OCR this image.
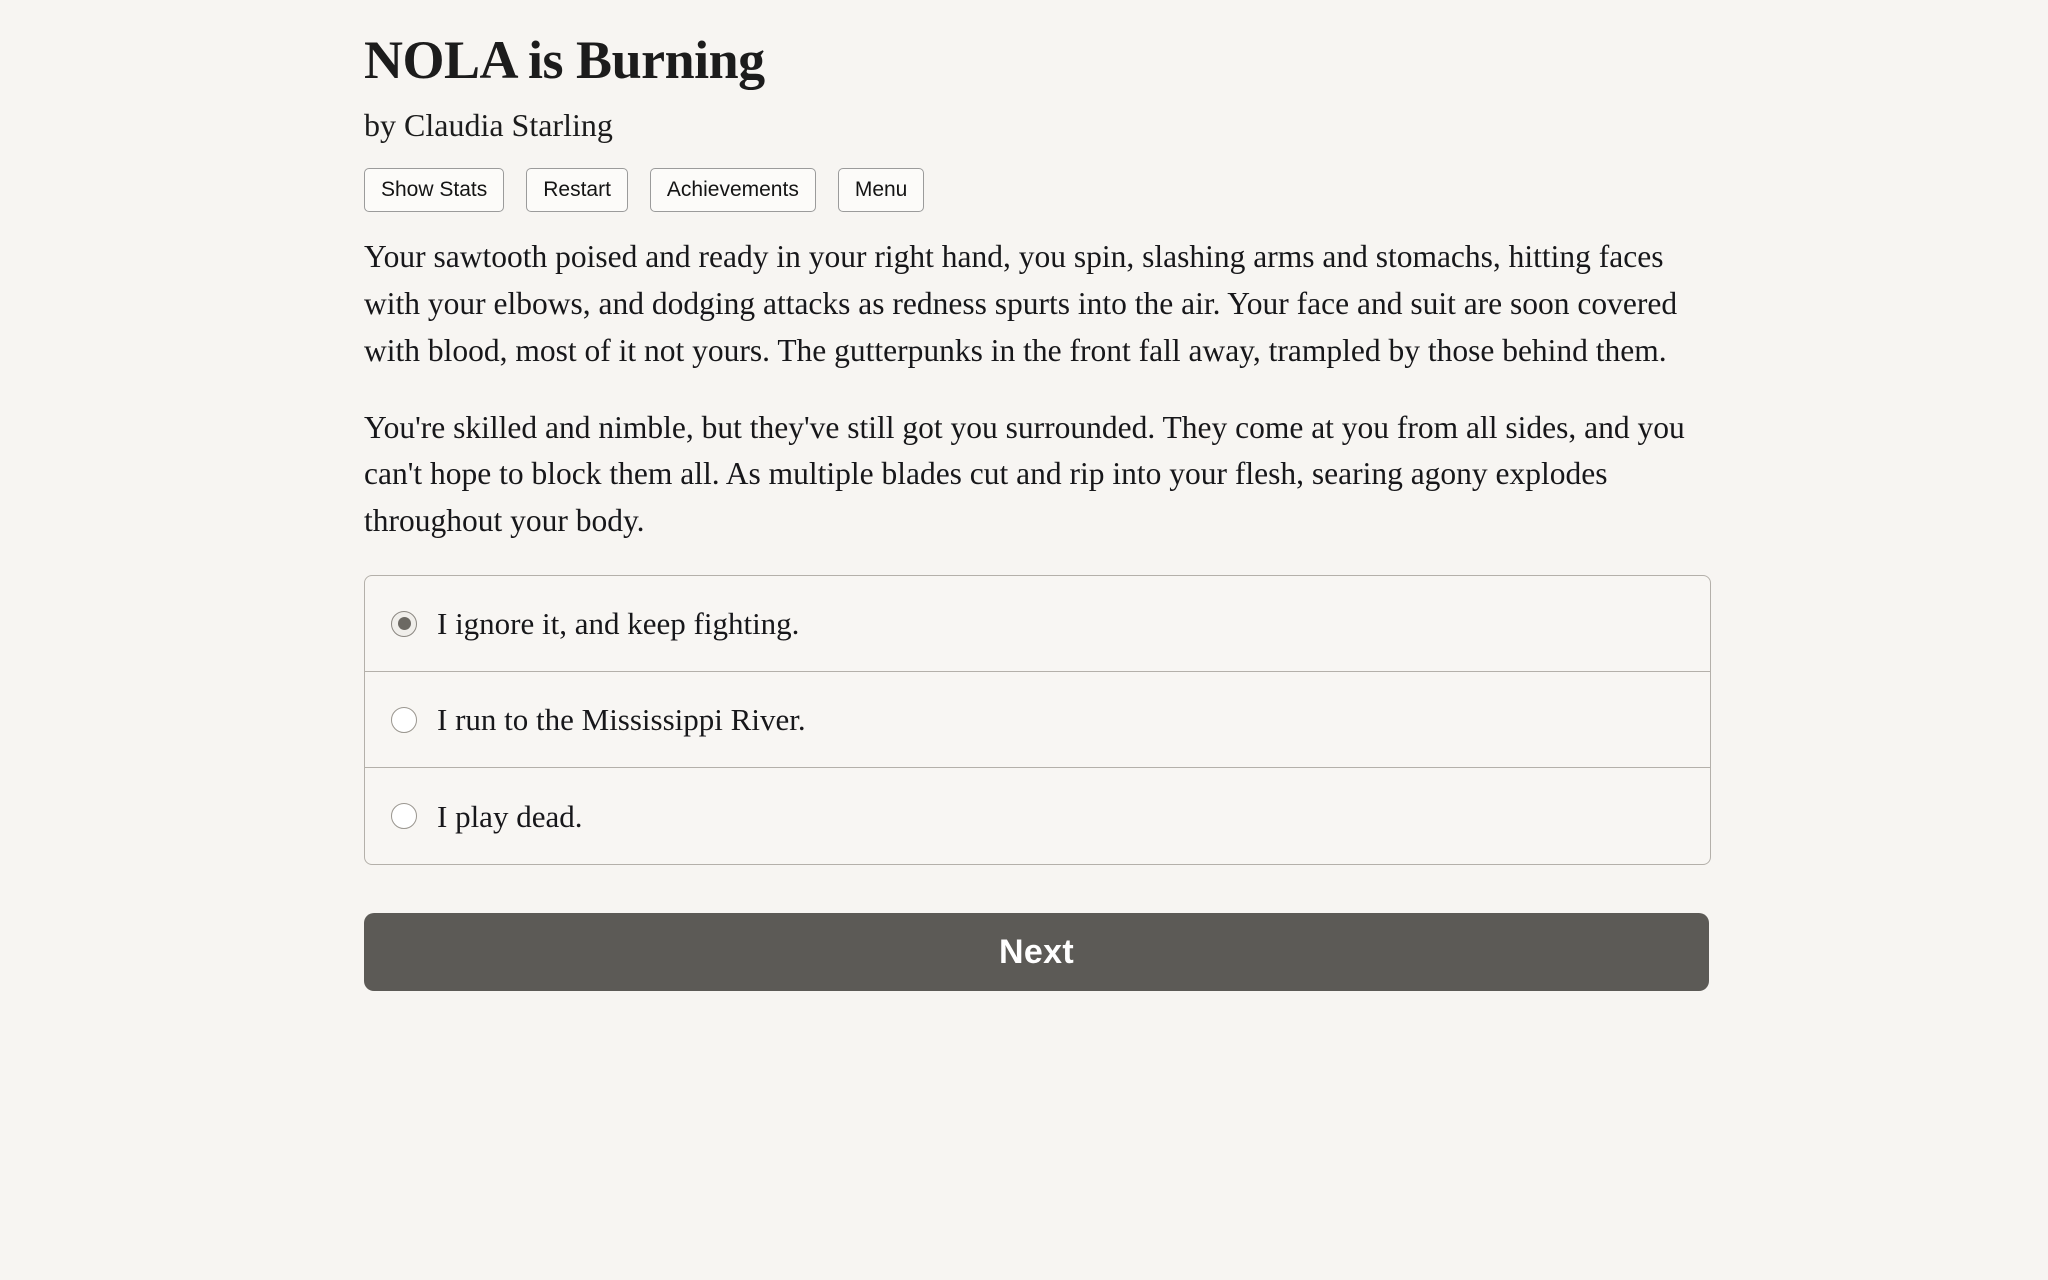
NOLA is Burning
by Claudia Starling
Show Stats	Restart	Achievements	Menu

Your sawtooth poised and ready in your right hand, you spin, slashing arms and stomachs, hitting faces with your elbows, and dodging attacks as redness spurts into the air. Your face and suit are soon covered with blood, most of it not yours. The gutterpunks in the front fall away, trampled by those behind them.

You're skilled and nimble, but they've still got you surrounded. They come at you from all sides, and you can't hope to block them all. As multiple blades cut and rip into your flesh, searing agony explodes throughout your body.

I ignore it, and keep fighting.
I run to the Mississippi River.
I play dead.
Next
